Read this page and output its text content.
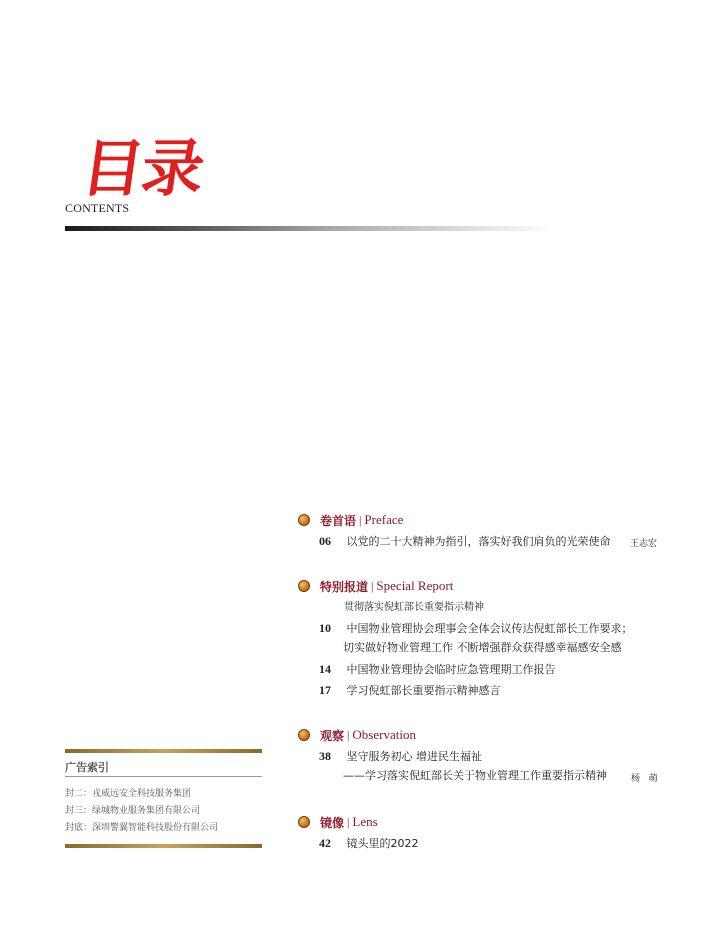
目录
CONTENTS
卷首语 | Preface
06 以党的二十大精神为指引，落实好我们肩负的光荣使命 王志宏
特别报道 | Special Report
贯彻落实倪虹部长重要指示精神
10 中国物业管理协会理事会全体会议传达倪虹部长工作要求；
切实做好物业管理工作 不断增强群众获得感幸福感安全感
14 中国物业管理协会临时应急管理期工作报告
17 学习倪虹部长重要指示精神感言
观察 | Observation
38 坚守服务初心 增进民生福祉
——学习落实倪虹部长关于物业管理工作重要指示精神	杨   萌
镜像 | Lens
42 镜头里的2022
广告索引
封二：戎威远安全科技服务集团
封三：绿城物业服务集团有限公司
封底：深圳警翼智能科技股份有限公司
